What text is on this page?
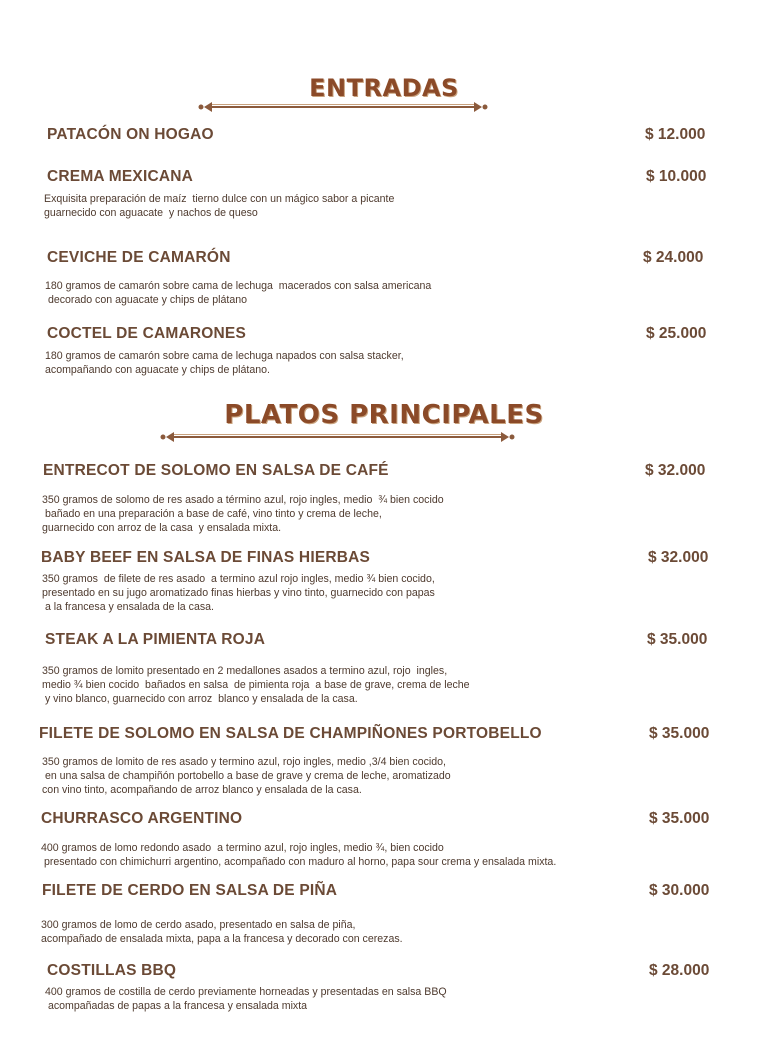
ENTRADAS
PLATOS PRINCIPALES
PATACÓN ON HOGAO	$ 12.000
CREMA MEXICANA	$ 10.000

Exquisita preparación de maíz  tierno dulce con un mágico sabor a picante
guarnecido con aguacate  y nachos de queso

CEVICHE DE CAMARÓN	$ 24.000

180 gramos de camarón sobre cama de lechuga  macerados con salsa americana
decorado con aguacate y chips de plátano

COCTEL DE CAMARONES	$ 25.000

180 gramos de camarón sobre cama de lechuga napados con salsa stacker,
acompañando con aguacate y chips de plátano.

ENTRECOT DE SOLOMO EN SALSA DE CAFÉ	$ 32.000

350 gramos de solomo de res asado a término azul, rojo ingles, medio  ¾ bien cocido
bañado en una preparación a base de café, vino tinto y crema de leche,
guarnecido con arroz de la casa  y ensalada mixta.

BABY BEEF EN SALSA DE FINAS HIERBAS	$ 32.000

350 gramos  de filete de res asado  a termino azul rojo ingles, medio ¾ bien cocido,
presentado en su jugo aromatizado finas hierbas y vino tinto, guarnecido con papas
a la francesa y ensalada de la casa.

STEAK A LA PIMIENTA ROJA	$ 35.000

350 gramos de lomito presentado en 2 medallones asados a termino azul, rojo  ingles,
medio ¾ bien cocido  bañados en salsa  de pimienta roja  a base de grave, crema de leche
y vino blanco, guarnecido con arroz  blanco y ensalada de la casa.

FILETE DE SOLOMO EN SALSA DE CHAMPIÑONES PORTOBELLO	$ 35.000

350 gramos de lomito de res asado y termino azul, rojo ingles, medio ,3/4 bien cocido,
en una salsa de champiñón portobello a base de grave y crema de leche, aromatizado
con vino tinto, acompañando de arroz blanco y ensalada de la casa.

CHURRASCO ARGENTINO	$ 35.000

400 gramos de lomo redondo asado  a termino azul, rojo ingles, medio ¾, bien cocido
presentado con chimichurri argentino, acompañado con maduro al horno, papa sour crema y ensalada mixta.

FILETE DE CERDO EN SALSA DE PIÑA	$ 30.000

300 gramos de lomo de cerdo asado, presentado en salsa de piña,
acompañado de ensalada mixta, papa a la francesa y decorado con cerezas.

COSTILLAS BBQ	$ 28.000

400 gramos de costilla de cerdo previamente horneadas y presentadas en salsa BBQ
acompañadas de papas a la francesa y ensalada mixta
